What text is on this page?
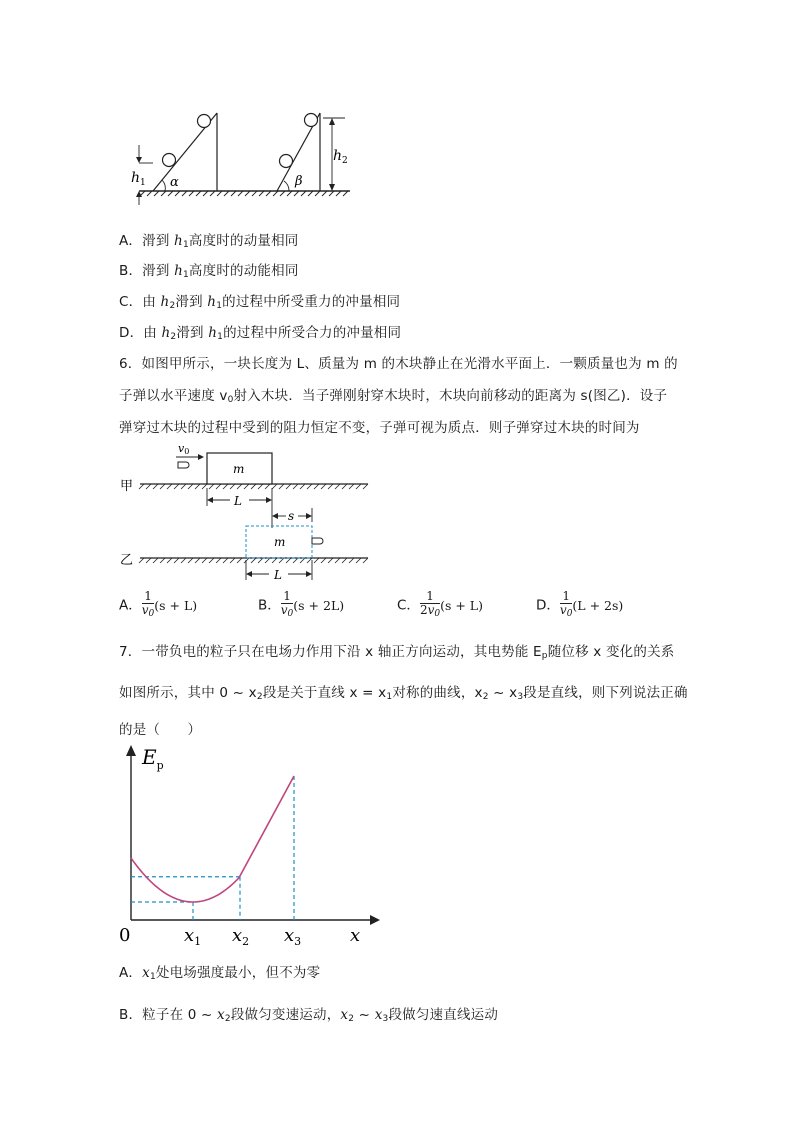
α
$h_1$	β
$h_2$
A．滑到 $h_1$高度时的动量相同
B．滑到 $h_1$高度时的动能相同
C．由 $h_2$滑到 $h_1$的过程中所受重力的冲量相同
D．由 $h_2$滑到 $h_1$的过程中所受合力的冲量相同
6．如图甲所示，一块长度为 L、质量为 m 的木块静止在光滑水平面上．一颗质量也为 m 的
子弹以水平速度 $v_0$射入木块．当子弹刚射穿木块时，木块向前移动的距离为 s(图乙)．设子
弹穿过木块的过程中受到的阻力恒定不变，子弹可视为质点．则子弹穿过木块的时间为
甲
m
v0
L
s
乙
m
L
A． $\frac{1}{v_0} (s + L)$	B． $\frac{1}{v_0} (s + 2L)$	C． $\frac{1}{2v_0} (s + L)$	D． $\frac{1}{v_0} (L + 2s)$
7．一带负电的粒子只在电场力作用下沿 x 轴正方向运动，其电势能 $E_p$随位移 x 变化的关系
如图所示，其中 0 ~ $x_2$段是关于直线 $x = x_1$对称的曲线，$x_2$ ~ $x_3$段是直线，则下列说法正确
的是（　　）
$E_p$
0	$x_1$ $x_2$ $x_3$	x
A．$x_1$处电场强度最小，但不为零
B．粒子在 0 ~ $x_2$段做匀变速运动，$x_2$ ~ $x_3$段做匀速直线运动
